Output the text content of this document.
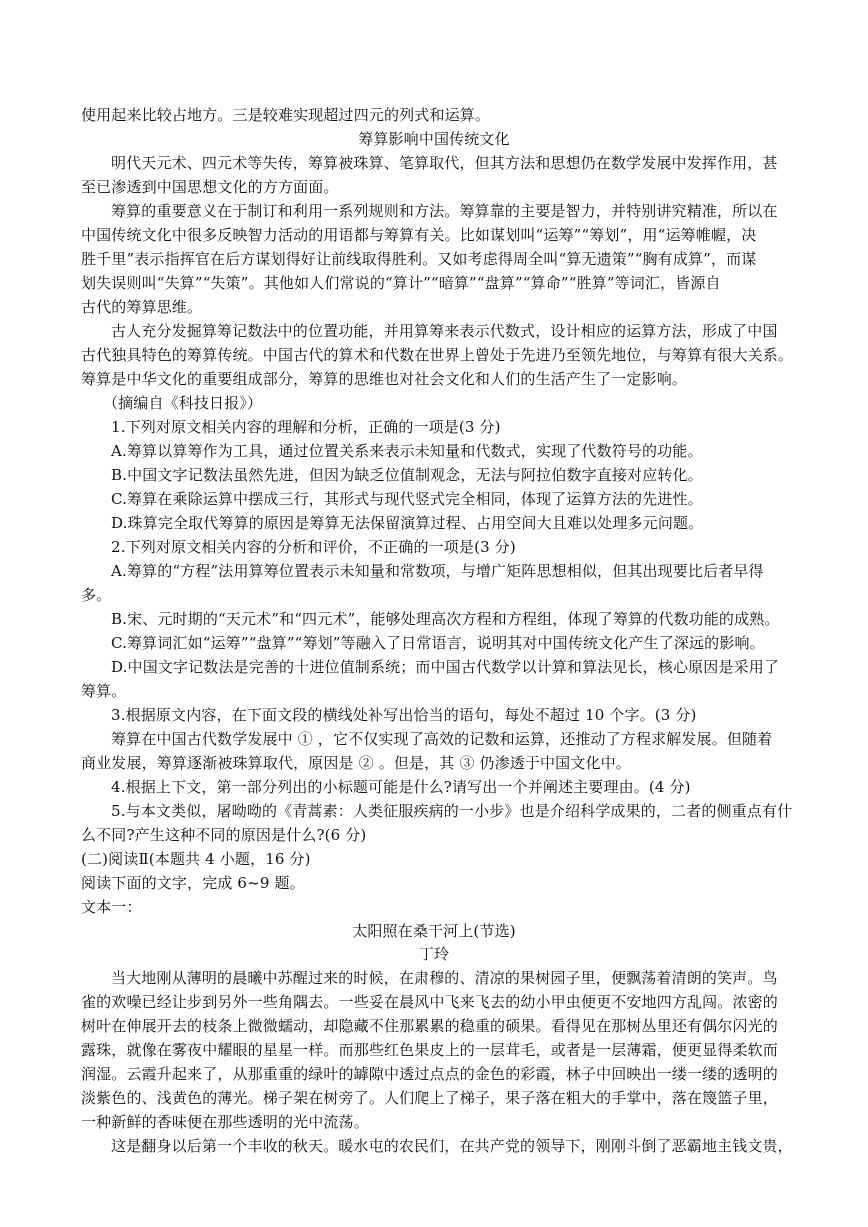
使用起来比较占地方。三是较难实现超过四元的列式和运算。
筹算影响中国传统文化
明代天元术、四元术等失传，筹算被珠算、笔算取代，但其方法和思想仍在数学发展中发挥作用，甚
至已渗透到中国思想文化的方方面面。
筹算的重要意义在于制订和利用一系列规则和方法。筹算靠的主要是智力，并特别讲究精准，所以在
中国传统文化中很多反映智力活动的用语都与筹算有关。比如谋划叫“运筹”“筹划”，用“运筹帷幄，决
胜千里”表示指挥官在后方谋划得好让前线取得胜利。又如考虑得周全叫“算无遗策”“胸有成算”，而谋
划失误则叫“失算”“失策”。其他如人们常说的“算计”“暗算”“盘算”“算命”“胜算”等词汇，皆源自
古代的筹算思维。
古人充分发掘算筹记数法中的位置功能，并用算筹来表示代数式，设计相应的运算方法，形成了中国
古代独具特色的筹算传统。中国古代的算术和代数在世界上曾处于先进乃至领先地位，与筹算有很大关系。
筹算是中华文化的重要组成部分，筹算的思维也对社会文化和人们的生活产生了一定影响。
（摘编自《科技日报》）
1.下列对原文相关内容的理解和分析，正确的一项是(3 分)
A.筹算以算筹作为工具，通过位置关系来表示未知量和代数式，实现了代数符号的功能。
B.中国文字记数法虽然先进，但因为缺乏位值制观念，无法与阿拉伯数字直接对应转化。
C.筹算在乘除运算中摆成三行，其形式与现代竖式完全相同，体现了运算方法的先进性。
D.珠算完全取代筹算的原因是筹算无法保留演算过程、占用空间大且难以处理多元问题。
2.下列对原文相关内容的分析和评价，不正确的一项是(3 分)
A.筹算的“方程”法用算筹位置表示未知量和常数项，与增广矩阵思想相似，但其出现要比后者早得
多。
B.宋、元时期的“天元术”和“四元术”，能够处理高次方程和方程组，体现了筹算的代数功能的成熟。
C.筹算词汇如“运筹”“盘算”“筹划”等融入了日常语言，说明其对中国传统文化产生了深远的影响。
D.中国文字记数法是完善的十进位值制系统；而中国古代数学以计算和算法见长，核心原因是采用了
筹算。
3.根据原文内容，在下面文段的横线处补写出恰当的语句，每处不超过 10 个字。(3 分)
筹算在中国古代数学发展中 ① ，它不仅实现了高效的记数和运算，还推动了方程求解发展。但随着
商业发展，筹算逐渐被珠算取代，原因是 ② 。但是，其 ③ 仍渗透于中国文化中。
4.根据上下文，第一部分列出的小标题可能是什么?请写出一个并阐述主要理由。(4 分)
5.与本文类似，屠呦呦的《青蒿素：人类征服疾病的一小步》也是介绍科学成果的，二者的侧重点有什
么不同?产生这种不同的原因是什么?(6 分)
(二)阅读Ⅱ(本题共 4 小题，16 分)
阅读下面的文字，完成 6~9 题。
文本一：
太阳照在桑干河上(节选)
丁玲
当大地刚从薄明的晨曦中苏醒过来的时候，在肃穆的、清凉的果树园子里，便飘荡着清朗的笑声。鸟
雀的欢噪已经让步到另外一些角隅去。一些妥在晨风中飞来飞去的幼小甲虫便更不安地四方乱闯。浓密的
树叶在伸展开去的枝条上微微蠕动，却隐藏不住那累累的稳重的硕果。看得见在那树丛里还有偶尔闪光的
露珠，就像在雾夜中耀眼的星星一样。而那些红色果皮上的一层茸毛，或者是一层薄霜，便更显得柔软而
润湿。云霞升起来了，从那重重的绿叶的罅隙中透过点点的金色的彩霞，林子中回映出一缕一缕的透明的
淡紫色的、浅黄色的薄光。梯子架在树旁了。人们爬上了梯子，果子落在粗大的手掌中，落在篾篮子里，
一种新鲜的香味便在那些透明的光中流荡。
这是翻身以后第一个丰收的秋天。暖水屯的农民们，在共产党的领导下，刚刚斗倒了恶霸地主钱文贵，
